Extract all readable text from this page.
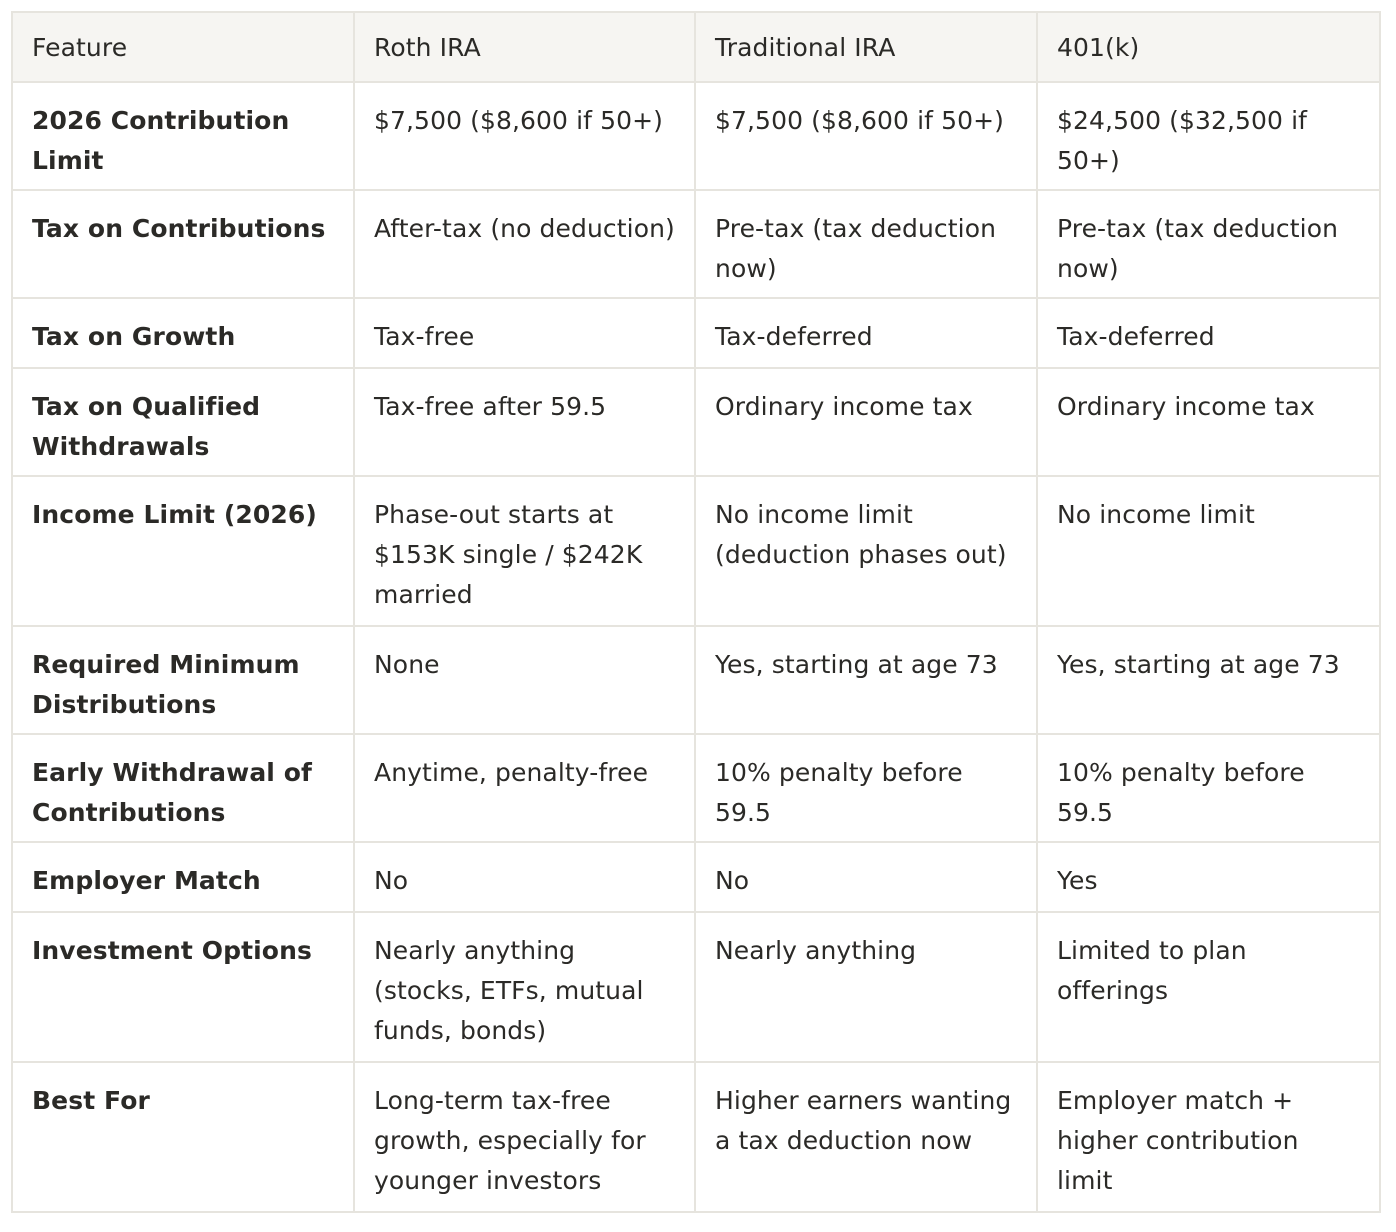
Feature	Roth IRA	Traditional IRA	401(k)
2026 Contribution Limit	$7,500 ($8,600 if 50+)	$7,500 ($8,600 if 50+)	$24,500 ($32,500 if 50+)
Tax on Contributions	After-tax (no deduction)	Pre-tax (tax deduction now)	Pre-tax (tax deduction now)
Tax on Growth	Tax-free	Tax-deferred	Tax-deferred
Tax on Qualified Withdrawals	Tax-free after 59.5	Ordinary income tax	Ordinary income tax
Income Limit (2026)	Phase-out starts at $153K single / $242K married	No income limit (deduction phases out)	No income limit
Required Minimum Distributions	None	Yes, starting at age 73	Yes, starting at age 73
Early Withdrawal of Contributions	Anytime, penalty-free	10% penalty before 59.5	10% penalty before 59.5
Employer Match	No	No	Yes
Investment Options	Nearly anything (stocks, ETFs, mutual funds, bonds)	Nearly anything	Limited to plan offerings
Best For	Long-term tax-free growth, especially for younger investors	Higher earners wanting a tax deduction now	Employer match + higher contribution limit
